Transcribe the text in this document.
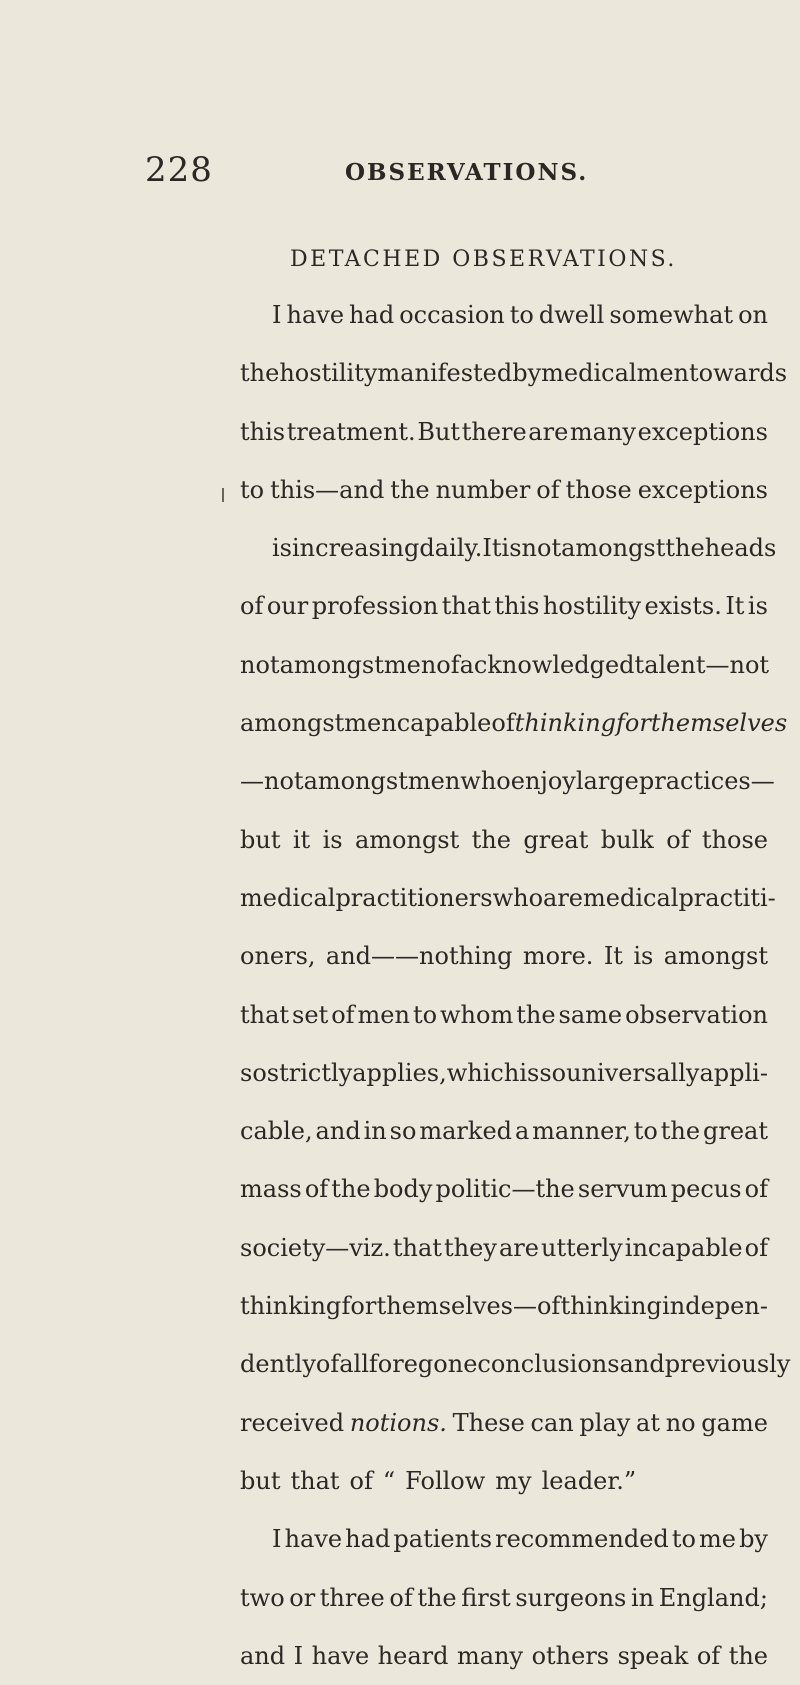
228	OBSERVATIONS.
DETACHED OBSERVATIONS.
I have had occasion to dwell somewhat on
the hostility manifested by medical men towards
this treatment. But there are many exceptions
to this—and the number of those exceptions
is increasing daily. It is not amongst the heads
of our profession that this hostility exists. It is
not amongst men of acknowledged talent—not
amongst men capable of thinking for themselves
—not amongst men who enjoy large practices—
but it is amongst the great bulk of those
medical practitioners who are medical practiti-
oners, and——nothing more. It is amongst
that set of men to whom the same observation
so strictly applies, which is so universally appli-
cable, and in so marked a manner, to the great
mass of the body politic—the servum pecus of
society—viz. that they are utterly incapable of
thinking for themselves—of thinking indepen-
dently of all foregone conclusions and previously
received notions. These can play at no game
but that of “ Follow my leader.”
I have had patients recommended to me by
two or three of the first surgeons in England;
and I have heard many others speak of the
